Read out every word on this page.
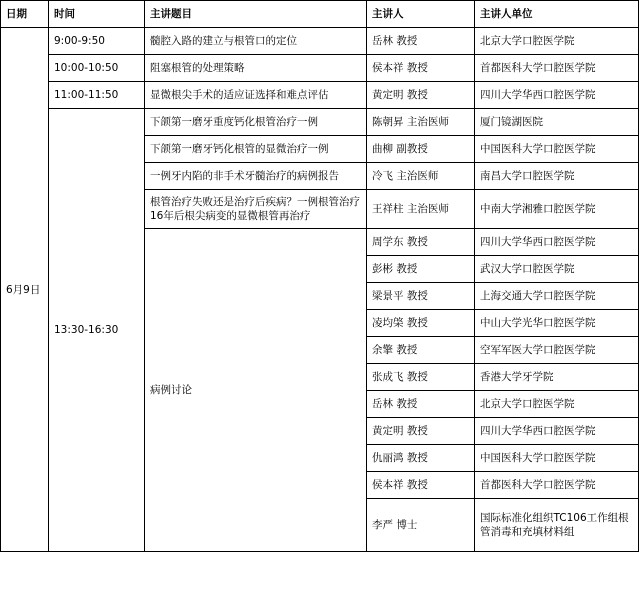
日期	时间	主讲题目	主讲人	主讲人单位
6月9日	9:00-9:50	髓腔入路的建立与根管口的定位	岳林 教授	北京大学口腔医学院
	10:00-10:50	阻塞根管的处理策略	侯本祥 教授	首都医科大学口腔医学院
	11:00-11:50	显微根尖手术的适应证选择和难点评估	黄定明 教授	四川大学华西口腔医学院
	13:30-16:30	下颌第一磨牙重度钙化根管治疗一例	陈朝昇 主治医师	厦门镜湖医院
		下颌第一磨牙钙化根管的显微治疗一例	曲柳 副教授	中国医科大学口腔医学院
		一例牙内陷的非手术牙髓治疗的病例报告	冷飞 主治医师	南昌大学口腔医学院
		根管治疗失败还是治疗后疾病？一例根管治疗16年后根尖病变的显微根管再治疗	王祥柱 主治医师	中南大学湘雅口腔医学院
		病例讨论	周学东 教授	四川大学华西口腔医学院
			彭彬 教授	武汉大学口腔医学院
			梁景平 教授	上海交通大学口腔医学院
			凌均棨 教授	中山大学光华口腔医学院
			余擎 教授	空军军医大学口腔医学院
			张成飞 教授	香港大学牙学院
			岳林 教授	北京大学口腔医学院
			黄定明 教授	四川大学华西口腔医学院
			仇丽鸿 教授	中国医科大学口腔医学院
			侯本祥 教授	首都医科大学口腔医学院
			李严 博士	国际标准化组织TC106工作组根管消毒和充填材料组
